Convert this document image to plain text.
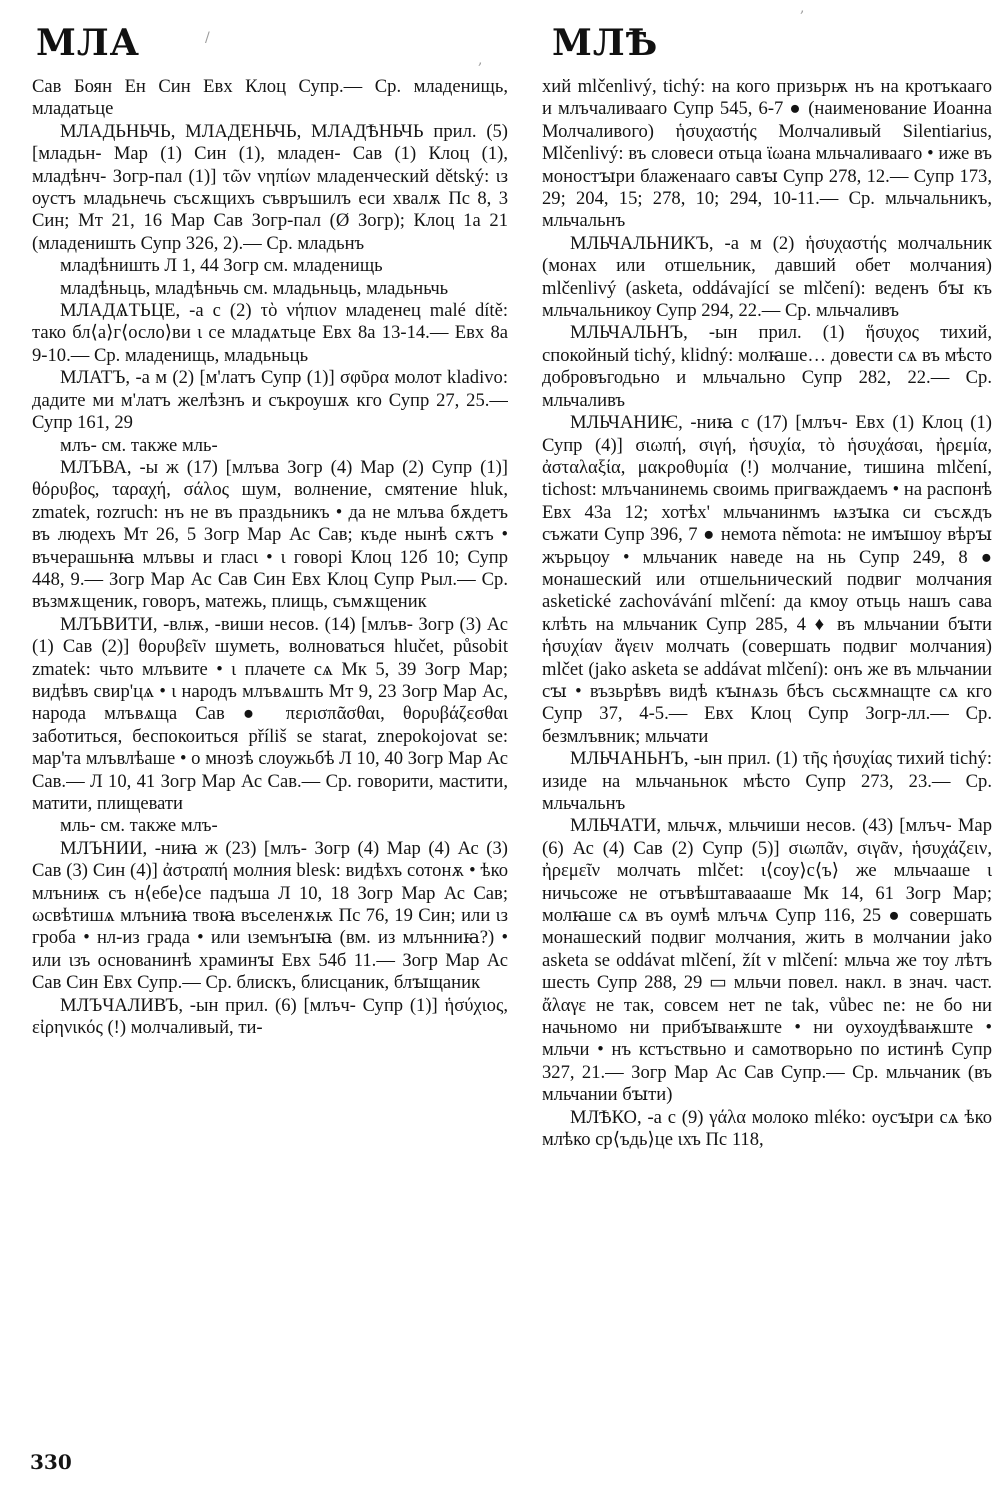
МЛА	МЛѢ
/
,
,

Сав Боян Ен Син Евх Клоц Супр.— Ср. младенищь, младатьце

МЛАДЬНЬЧЬ, МЛАДЕНЬЧЬ, МЛАДѢНЬЧЬ прил. (5) [младьн- Мар (1) Син (1), младен- Сав (1) Клоц (1), младѣнч- Зогр-пал (1)] τῶν νηπίων младенческий dětský: ιз оустъ младьнечь съсѫщихъ съвръшилъ еси хвалѫ Пс 8, 3 Син; Мт 21, 16 Мар Сав Зогр-пал (Ø Зогр); Клоц 1а 21 (младеништь Супр 326, 2).— Ср. младьнъ

младѣништь Л 1, 44 Зогр см. младенищь

младѣньць, младѣньчь см. младьньць, младьньчь

МЛАДѦТЬЦЕ, -а с (2) τὸ νήπιον младенец malé dítě: тако бл⟨а⟩г⟨осло⟩ви ι се младѧтьце Евх 8а 13-14.— Евх 8а 9-10.— Ср. младенищь, младьньць

МЛАТЪ, -а м (2) [м'латъ Супр (1)] σφῦρα молот kladivo: дадите ми м'латъ желѣзнъ и съкроушѫ кго Супр 27, 25.— Супр 161, 29

млъ- см. также мль-

МЛЪВА, -ы ж (17) [млъва Зогр (4) Мар (2) Супр (1)] θόρυβος, ταραχή, σάλος шум, волнение, смятение hluk, zmatek, rozruch: нъ не въ праздьникъ • да не млъва бѫдетъ въ людехъ Мт 26, 5 Зогр Мар Ас Сав; къде нынѣ сѫтъ • въчерашьнꙗ млъвы и гласι • ι говорі Клоц 12б 10; Супр 448, 9.— Зогр Мар Ас Сав Син Евх Клоц Супр Рыл.— Ср. възмѫщеник, говоръ, матежь, плищь, съмѫщеник

МЛЪВИТИ, -влѭ, -виши несов. (14) [млъв- Зогр (3) Ас (1) Сав (2)] θορυβεῖν шуметь, волноваться hlučet, působit zmatek: чьто млъвите • ι плачете сѧ Мк 5, 39 Зогр Мар; видѣвъ свир'цѧ • ι народъ млъвѧшть Мт 9, 23 Зогр Мар Ас, народа млъвѧща Сав ● περισπᾶσθαι, θορυβάζεσθαι заботиться, беспокоиться příliš se starat, znepokojovat se: мар'та млъвлѣаше • о мнозѣ слоужьбѣ Л 10, 40 Зогр Мар Ас Сав.— Л 10, 41 Зогр Мар Ас Сав.— Ср. говорити, мастити, матити, плищевати

мль- см. также млъ-

МЛЪНИИ, -ниꙗ ж (23) [млъ- Зогр (4) Мар (4) Ас (3) Сав (3) Син (4)] ἀστραπή молния blesk: видѣхъ сотонѫ • ѣко млъниѭ съ н⟨ебе⟩се падъша Л 10, 18 Зогр Мар Ас Сав; ωсвѣтишѧ млъниꙗ твоꙗ въселенѫѭ Пс 76, 19 Син; или ιз гроба • нл-из града • или ιземънꙑꙗ (вм. из млънниꙗ?) • или ιзъ основанинѣ храминꙑ Евх 54б 11.— Зогр Мар Ас Сав Син Евх Супр.— Ср. блискъ, блисцаник, блꙑщаник

МЛЪЧАЛИВЪ, -ын прил. (6) [млъч- Супр (1)] ἡσύχιος, εἰρηνικός (!) молчаливый, ти-

хий mlčenlivý, tichý: на кого призьрѭ нъ на кротъкааго и млъчаливааго Супр 545, 6-7 ● (наименование Иоанна Молчаливого) ἡσυχαστής Молчаливый Silentiarius, Mlčenlivý: въ словеси отьца ϊωана мльчаливааго • иже въ моностꙑри блаженааго савꙑ Супр 278, 12.— Супр 173, 29; 204, 15; 278, 10; 294, 10-11.— Ср. мльчальникъ, мльчальнъ

МЛЬЧАЛЬНИКЪ, -а м (2) ἡσυχαστής молчальник (монах или отшельник, давший обет молчания) mlčenlivý (asketa, oddávající se mlčení): веденъ бꙑ къ мльчальникоу Супр 294, 22.— Ср. мльчаливъ

МЛЬЧАЛЬНЪ, -ын прил. (1) ἥσυχος тихий, спокойный tichý, klidný: молꙗше… довести сѧ въ мѣсто добровъгодьно и мльчально Супр 282, 22.— Ср. мльчаливъ

МЛЬЧАНИѤ, -ниꙗ с (17) [млъч- Евх (1) Клоц (1) Супр (4)] σιωπή, σιγή, ἡσυχία, τὸ ἡσυχάσαι, ἠρεμία, ἀσταλαξία, μακροθυμία (!) молчание, тишина mlčení, tichost: млъчанинемь своимь пригваждаемъ • на распонѣ Евх 43а 12; хотѣх' мльчанинмъ ѩзꙑка си съсѫдъ съжати Супр 396, 7 ● немота němota: не имꙑшоу вѣрꙑ жърьцоу • мльчаник наведе на нь Супр 249, 8 ● монашеский или отшельнический подвиг молчания asketické zachovávání mlčení: да кмоу отьць нашъ сава клѣть на мльчаник Супр 285, 4 ♦ въ мльчании бꙑти ἡσυχίαν ἄγειν молчать (совершать подвиг молчания) mlčet (jako asketa se addávat mlčení): онъ же въ мльчании сꙑ • възьрѣвъ видѣ кꙑнѧзь бѣсъ сьсѫмнащте сѧ кго Супр 37, 4-5.— Евх Клоц Супр Зогр-лл.— Ср. безмлъвник; мльчати

МЛЬЧАНЬНЪ, -ын прил. (1) τῆς ἡσυχίας тихий tichý: изиде на мльчаньнок мѣсто Супр 273, 23.— Ср. мльчальнъ

МЛЬЧАТИ, мльчѫ, мльчиши несов. (43) [млъч- Мар (6) Ас (4) Сав (2) Супр (5)] σιωπᾶν, σιγᾶν, ἡσυχάζειν, ἠρεμεῖν молчать mlčet: ι⟨соу⟩с⟨ъ⟩ же мльчааше ι ничьсоже не отъвѣштаваааше Мк 14, 61 Зогр Мар; молꙗше сѧ въ оумѣ млъчѧ Супр 116, 25 ● совершать монашеский подвиг молчания, жить в молчании jako asketa se oddávat mlčení, žít v mlčení: мльча же тоу лѣтъ шесть Супр 288, 29 ▭ мльчи повел. накл. в знач. част. ἄλαγε не так, совсем нет ne tak, vůbec ne: не бо ни начьномо ни прибꙑваѭште • ни оухоудѣваѭште • мльчи • нъ кстъствьно и самотворьно по истинѣ Супр 327, 21.— Зогр Мар Ас Сав Супр.— Ср. мльчаник (въ мльчании бꙑти)

МЛѢКО, -а с (9) γάλα молоко mléko: оусꙑри сѧ ѣко млѣко ср⟨ъдь⟩це ιхъ Пс 118,

330
